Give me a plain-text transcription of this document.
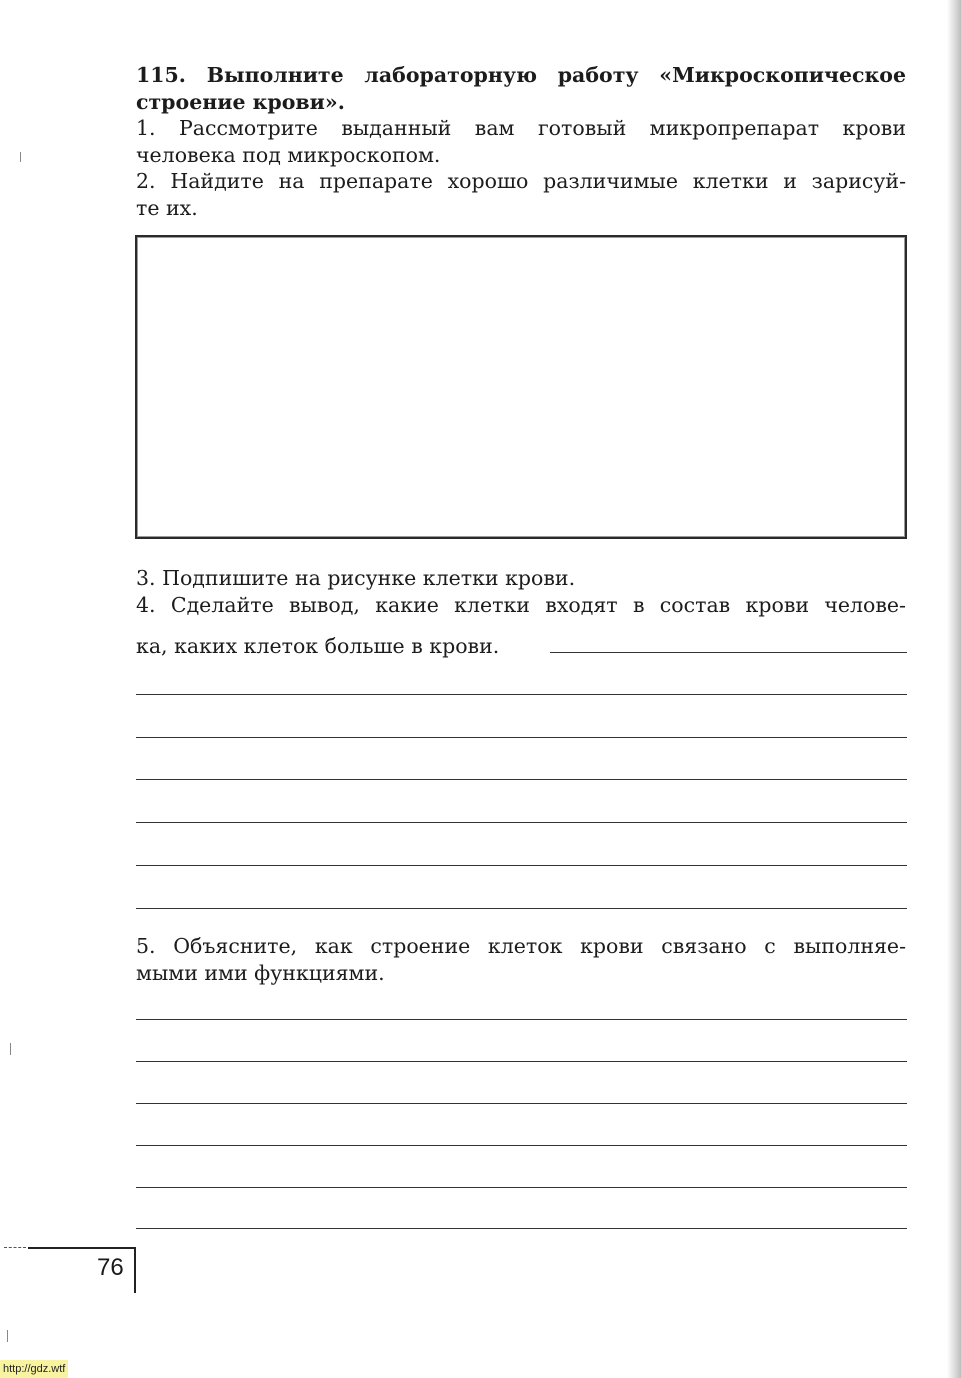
115. Выполните лабораторную работу «Микроскопическое
строение крови».
1. Рассмотрите выданный вам готовый микропрепарат крови
человека под микроскопом.
2. Найдите на препарате хорошо различимые клетки и зарисуй-
те их.
3. Подпишите на рисунке клетки крови.
4. Сделайте вывод, какие клетки входят в состав крови челове-
ка, каких клеток больше в крови.
5. Объясните, как строение клеток крови связано с выполняе-
мыми ими функциями.
76
http://gdz.wtf
